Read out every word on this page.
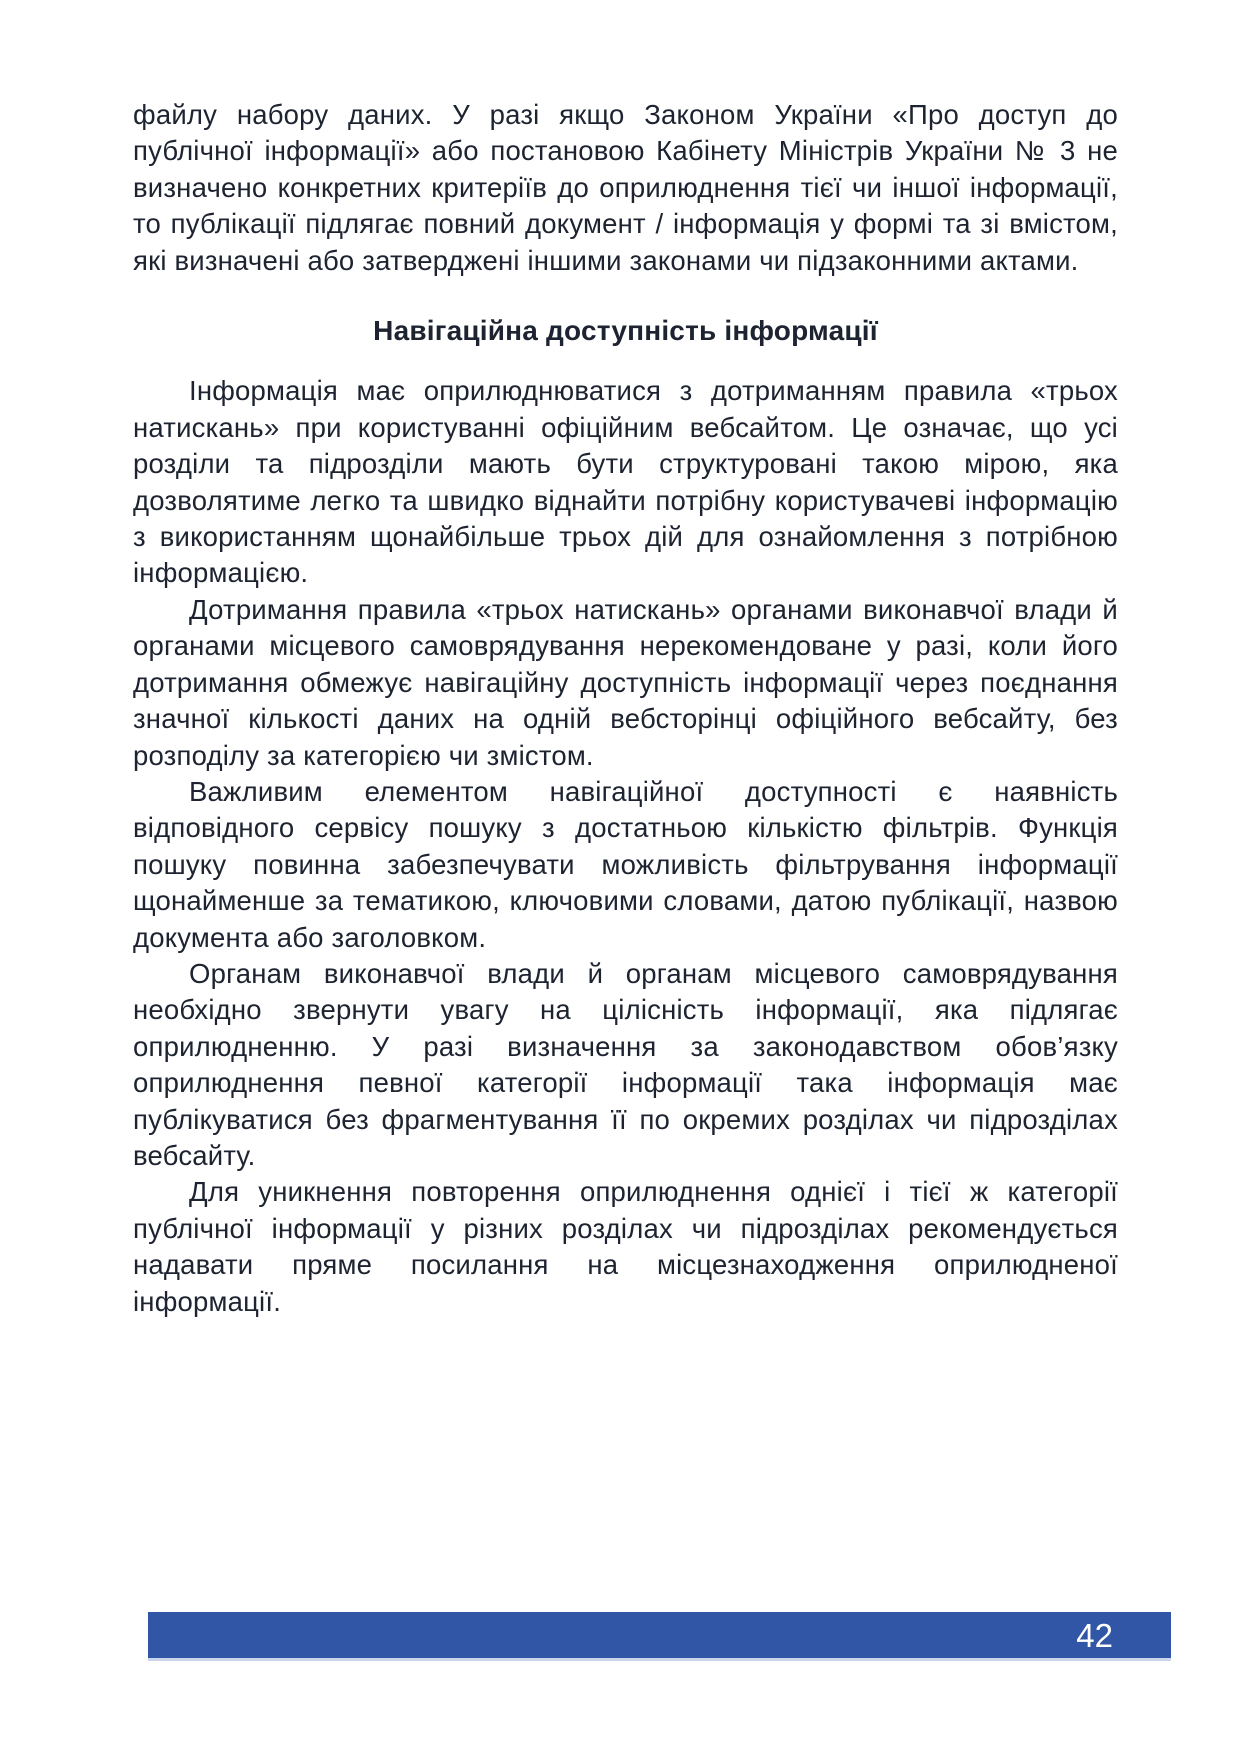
файлу набору даних. У разі якщо Законом України «Про доступ до публічної інформації» або постановою Кабінету Міністрів України № 3 не визначено конкретних критеріїв до оприлюднення тієї чи іншої інформації, то публікації підлягає повний документ / інформація у формі та зі вмістом, які визначені або затверджені іншими законами чи підзаконними актами.

Навігаційна доступність інформації

Інформація має оприлюднюватися з дотриманням правила «трьох натискань» при користуванні офіційним вебсайтом. Це означає, що усі розділи та підрозділи мають бути структуровані такою мірою, яка дозволятиме легко та швидко віднайти потрібну користувачеві інформацію з використанням щонайбільше трьох дій для ознайомлення з потрібною інформацією.

Дотримання правила «трьох натискань» органами виконавчої влади й органами місцевого самоврядування нерекомендоване у разі, коли його дотримання обмежує навігаційну доступність інформації через поєднання значної кількості даних на одній вебсторінці офіційного вебсайту, без розподілу за категорією чи змістом.

Важливим елементом навігаційної доступності є наявність відповідного сервісу пошуку з достатньою кількістю фільтрів. Функція пошуку повинна забезпечувати можливість фільтрування інформації щонайменше за тематикою, ключовими словами, датою публікації, назвою документа або заголовком.

Органам виконавчої влади й органам місцевого самоврядування необхідно звернути увагу на цілісність інформації, яка підлягає оприлюдненню. У разі визначення за законодавством обов’язку оприлюднення певної категорії інформації така інформація має публікуватися без фрагментування її по окремих розділах чи підрозділах вебсайту.

Для уникнення повторення оприлюднення однієї і тієї ж категорії публічної інформації у різних розділах чи підрозділах рекомендується надавати пряме посилання на місцезнаходження оприлюдненої інформації.

42
